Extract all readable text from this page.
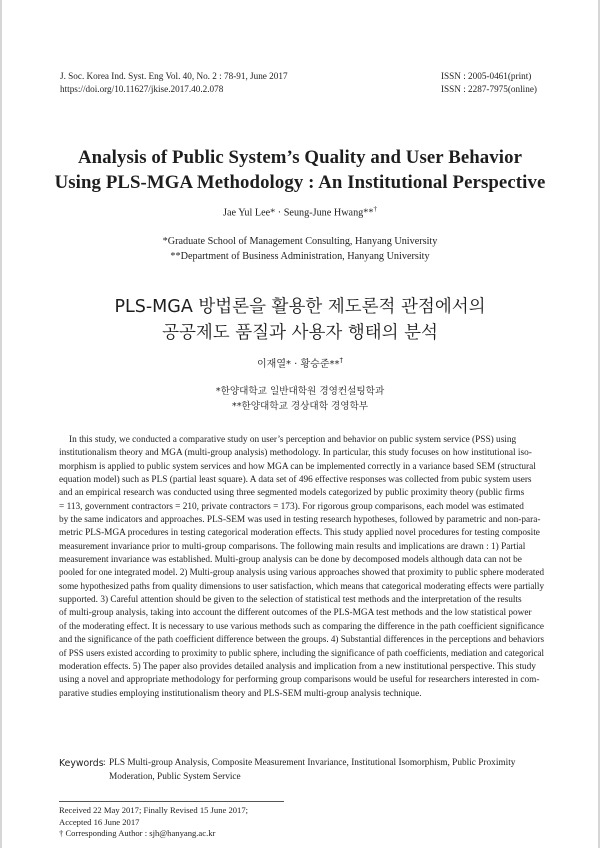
J. Soc. Korea Ind. Syst. Eng Vol. 40, No. 2 : 78-91, June 2017
https://doi.org/10.11627/jkise.2017.40.2.078
ISSN : 2005-0461(print)
ISSN : 2287-7975(online)
Analysis of Public System’s Quality and User Behavior
Using PLS-MGA Methodology : An Institutional Perspective
Jae Yul Lee* · Seung-June Hwang**†
*Graduate School of Management Consulting, Hanyang University
**Department of Business Administration, Hanyang University
PLS-MGA 방법론을 활용한 제도론적 관점에서의
공공제도 품질과 사용자 행태의 분석
이재열* · 황승준**†
*한양대학교 일반대학원 경영컨설팅학과
**한양대학교 경상대학 경영학부
In this study, we conducted a comparative study on user’s perception and behavior on public system service (PSS) using
institutionalism theory and MGA (multi-group analysis) methodology. In particular, this study focuses on how institutional iso-
morphism is applied to public system services and how MGA can be implemented correctly in a variance based SEM (structural
equation model) such as PLS (partial least square). A data set of 496 effective responses was collected from pubic system users
and an empirical research was conducted using three segmented models categorized by public proximity theory (public firms
= 113, government contractors = 210, private contractors = 173). For rigorous group comparisons, each model was estimated
by the same indicators and approaches. PLS-SEM was used in testing research hypotheses, followed by parametric and non-para-
metric PLS-MGA procedures in testing categorical moderation effects. This study applied novel procedures for testing composite
measurement invariance prior to multi-group comparisons. The following main results and implications are drawn : 1) Partial
measurement invariance was established. Multi-group analysis can be done by decomposed models although data can not be
pooled for one integrated model. 2) Multi-group analysis using various approaches showed that proximity to public sphere moderated
some hypothesized paths from quality dimensions to user satisfaction, which means that categorical moderating effects were partially
supported. 3) Careful attention should be given to the selection of statistical test methods and the interpretation of the results
of multi-group analysis, taking into account the different outcomes of the PLS-MGA test methods and the low statistical power
of the moderating effect. It is necessary to use various methods such as comparing the difference in the path coefficient significance
and the significance of the path coefficient difference between the groups. 4) Substantial differences in the perceptions and behaviors
of PSS users existed according to proximity to public sphere, including the significance of path coefficients, mediation and categorical
moderation effects. 5) The paper also provides detailed analysis and implication from a new institutional perspective. This study
using a novel and appropriate methodology for performing group comparisons would be useful for researchers interested in com-
parative studies employing institutionalism theory and PLS-SEM multi-group analysis technique.
Keywords : PLS Multi-group Analysis, Composite Measurement Invariance, Institutional Isomorphism, Public Proximity
Moderation, Public System Service
Received 22 May 2017; Finally Revised 15 June 2017;
Accepted 16 June 2017
† Corresponding Author : sjh@hanyang.ac.kr
